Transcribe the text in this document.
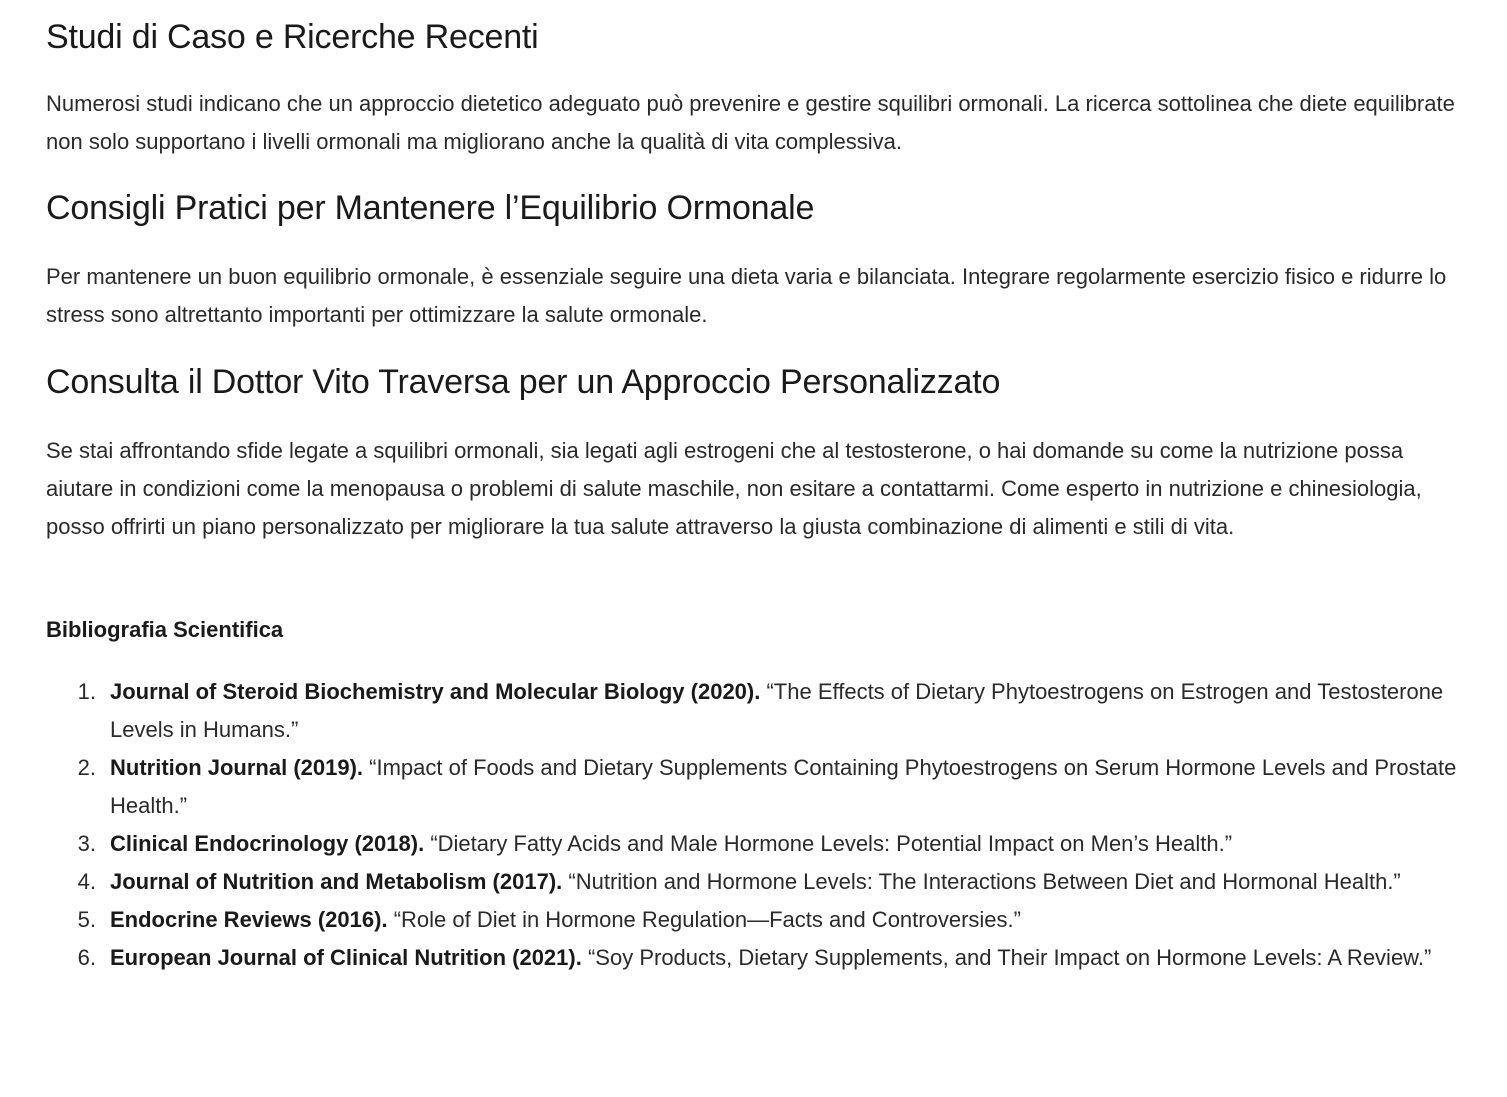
Studi di Caso e Ricerche Recenti

Numerosi studi indicano che un approccio dietetico adeguato può prevenire e gestire squilibri ormonali. La ricerca sottolinea che diete equilibrate non solo supportano i livelli ormonali ma migliorano anche la qualità di vita complessiva.

Consigli Pratici per Mantenere l’Equilibrio Ormonale

Per mantenere un buon equilibrio ormonale, è essenziale seguire una dieta varia e bilanciata. Integrare regolarmente esercizio fisico e ridurre lo stress sono altrettanto importanti per ottimizzare la salute ormonale.

Consulta il Dottor Vito Traversa per un Approccio Personalizzato

Se stai affrontando sfide legate a squilibri ormonali, sia legati agli estrogeni che al testosterone, o hai domande su come la nutrizione possa aiutare in condizioni come la menopausa o problemi di salute maschile, non esitare a contattarmi. Come esperto in nutrizione e chinesiologia, posso offrirti un piano personalizzato per migliorare la tua salute attraverso la giusta combinazione di alimenti e stili di vita.

Bibliografia Scientifica
1. Journal of Steroid Biochemistry and Molecular Biology (2020). “The Effects of Dietary Phytoestrogens on Estrogen and Testosterone Levels in Humans.”
2. Nutrition Journal (2019). “Impact of Foods and Dietary Supplements Containing Phytoestrogens on Serum Hormone Levels and Prostate Health.”
3. Clinical Endocrinology (2018). “Dietary Fatty Acids and Male Hormone Levels: Potential Impact on Men’s Health.”
4. Journal of Nutrition and Metabolism (2017). “Nutrition and Hormone Levels: The Interactions Between Diet and Hormonal Health.”
5. Endocrine Reviews (2016). “Role of Diet in Hormone Regulation—Facts and Controversies.”
6. European Journal of Clinical Nutrition (2021). “Soy Products, Dietary Supplements, and Their Impact on Hormone Levels: A Review.”
